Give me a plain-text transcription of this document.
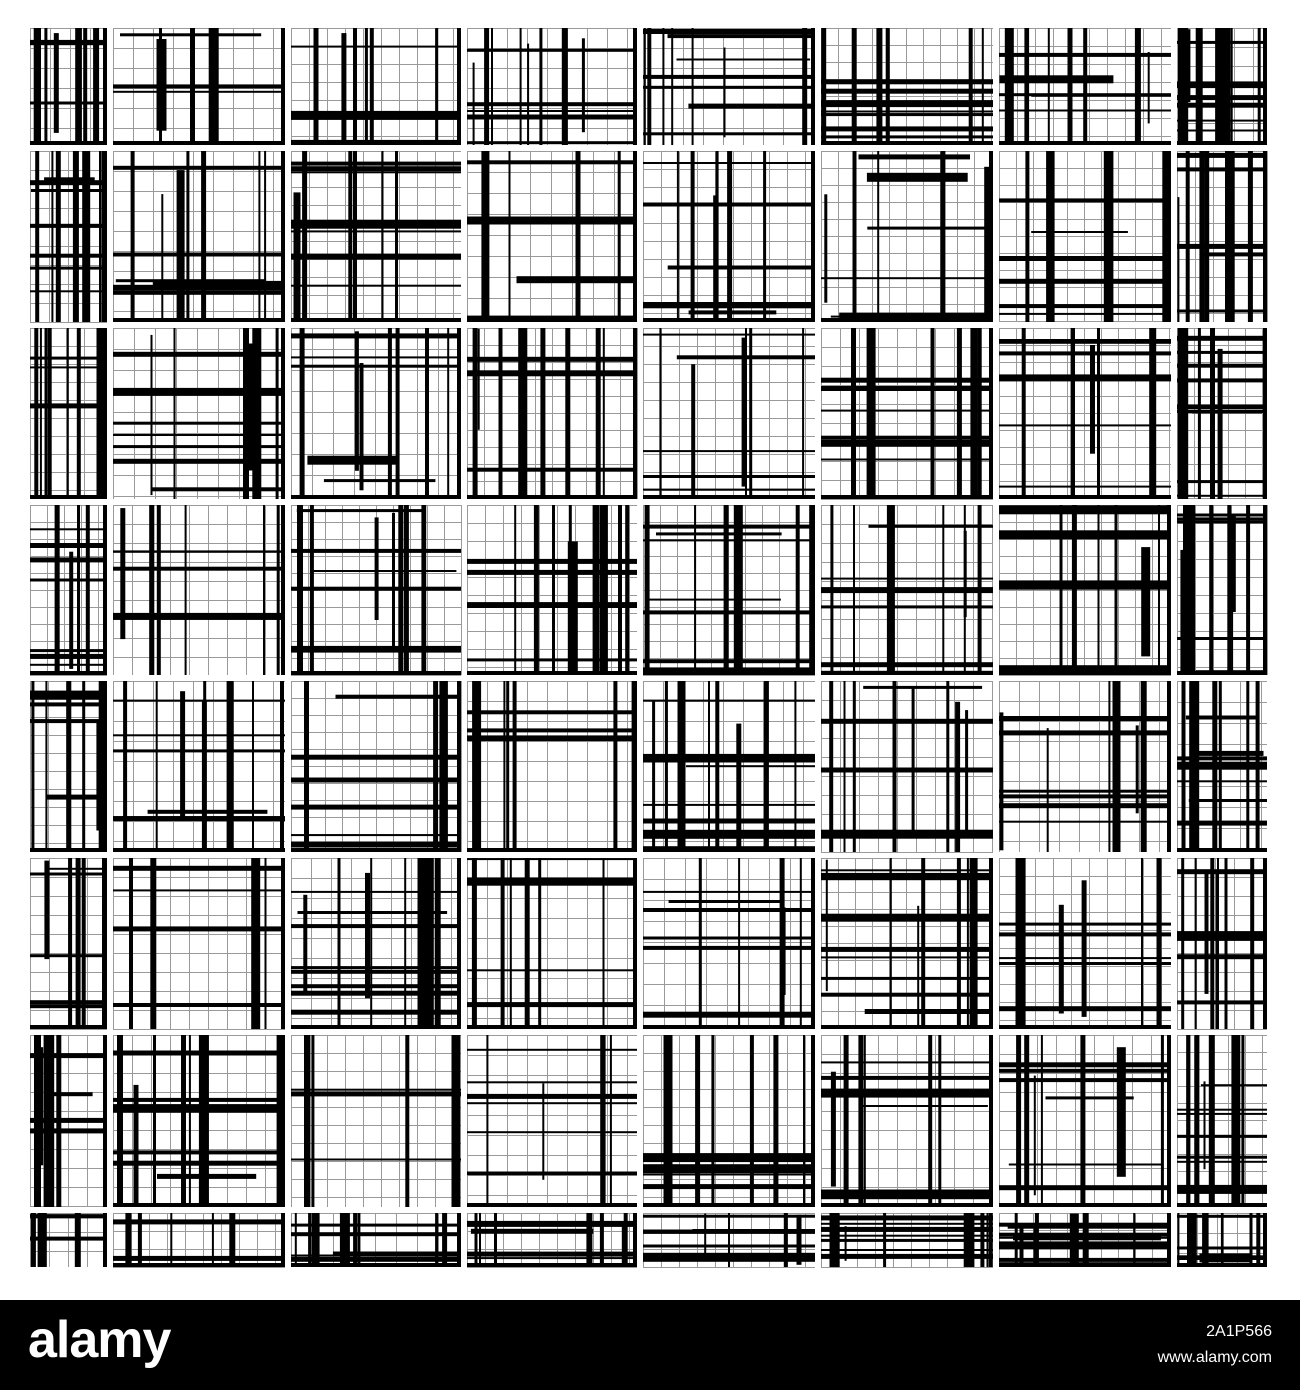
alamy	2A1P566
www.alamy.com
